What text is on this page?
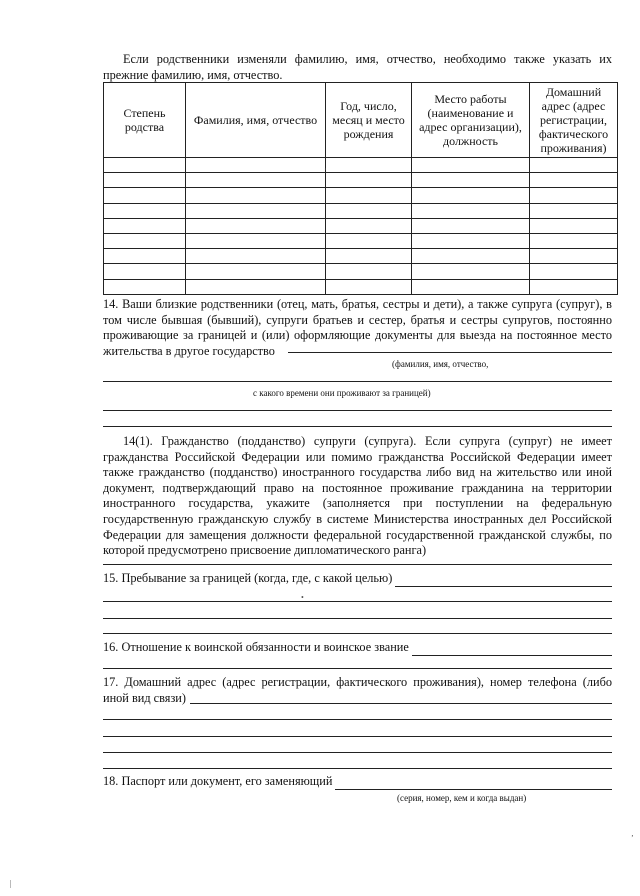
Если родственники изменяли фамилию, имя, отчество, необходимо также указать их прежние фамилию, имя, отчество.

Степень родства	Фамилия, имя, отчество	Год, число, месяц и место рождения	Место работы (наименование и адрес организации), должность	Домашний адрес (адрес регистрации, фактического проживания)

14. Ваши близкие родственники (отец, мать, братья, сестры и дети), а также супруга (супруг), в том числе бывшая (бывший), супруги братьев и сестер, братья и сестры супругов, постоянно проживающие за границей и (или) оформляющие документы для выезда на постоянное место жительства в другое государство

(фамилия, имя, отчество,
с какого времени они проживают за границей)

14(1). Гражданство (подданство) супруги (супруга). Если супруга (супруг) не имеет гражданства Российской Федерации или помимо гражданства Российской Федерации имеет также гражданство (подданство) иностранного государства либо вид на жительство или иной документ, подтверждающий право на постоянное проживание гражданина на территории иностранного государства, укажите (заполняется при поступлении на федеральную государственную гражданскую службу в системе Министерства иностранных дел Российской Федерации для замещения должности федеральной государственной гражданской службы, по которой предусмотрено присвоение дипломатического ранга)

15. Пребывание за границей (когда, где, с какой целью)
16. Отношение к воинской обязанности и воинское звание

17. Домашний адрес (адрес регистрации, фактического проживания), номер телефона (либо иной вид связи)

18. Паспорт или документ, его заменяющий
(серия, номер, кем и когда выдан)
·
•
‚
|
